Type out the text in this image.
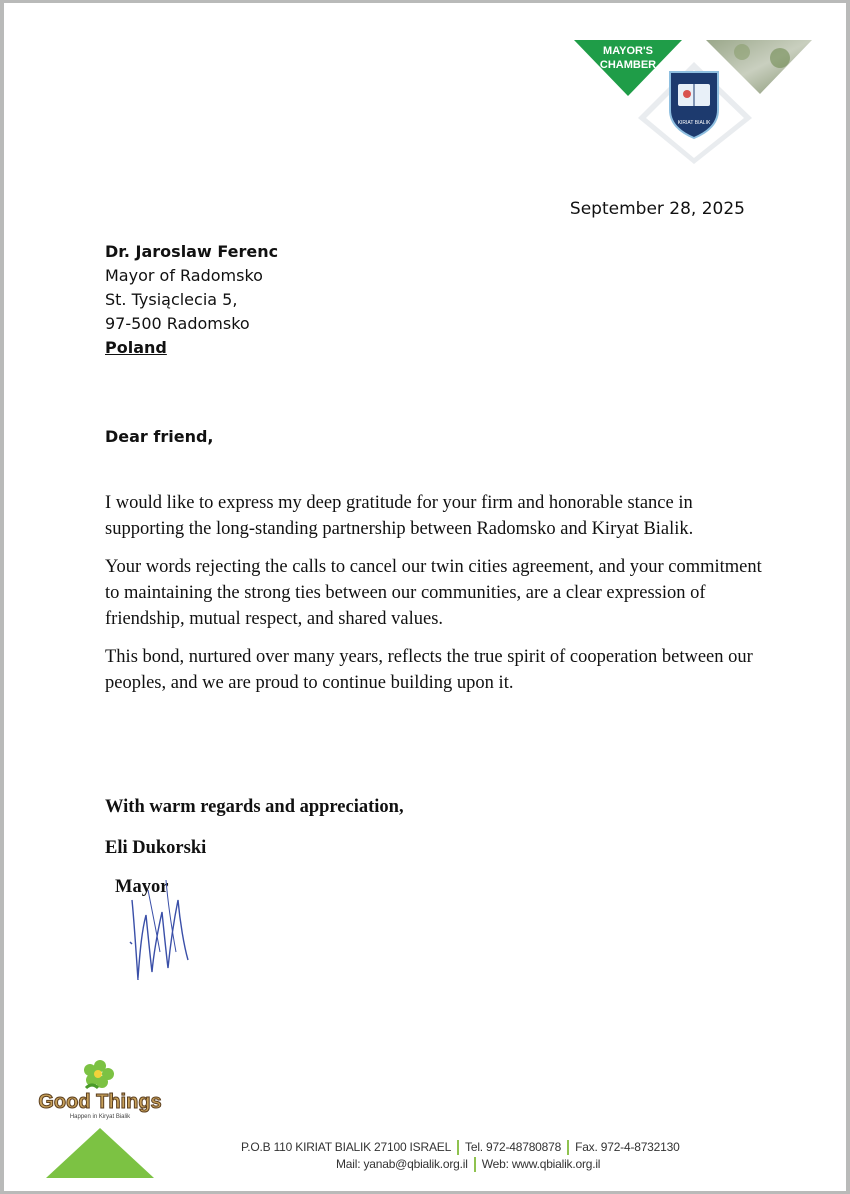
MAYOR'S
CHAMBER
KIRIAT BIALIK
September 28, 2025
Dr. Jaroslaw Ferenc
Mayor of Radomsko
St. Tysiąclecia 5,
97-500 Radomsko
Poland
Dear friend,

I would like to express my deep gratitude for your firm and honorable stance in supporting the long-standing partnership between Radomsko and Kiryat Bialik.

Your words rejecting the calls to cancel our twin cities agreement, and your commitment to maintaining the strong ties between our communities, are a clear expression of friendship, mutual respect, and shared values.

This bond, nurtured over many years, reflects the true spirit of cooperation between our peoples, and we are proud to continue building upon it.

With warm regards and appreciation,
Eli Dukorski
Mayor
Good Things
Happen in Kiryat Bialik
P.O.B 110 KIRIAT BIALIK 27100 ISRAEL Tel. 972-48780878 Fax. 972-4-8732130
Mail: yanab@qbialik.org.il Web: www.qbialik.org.il
